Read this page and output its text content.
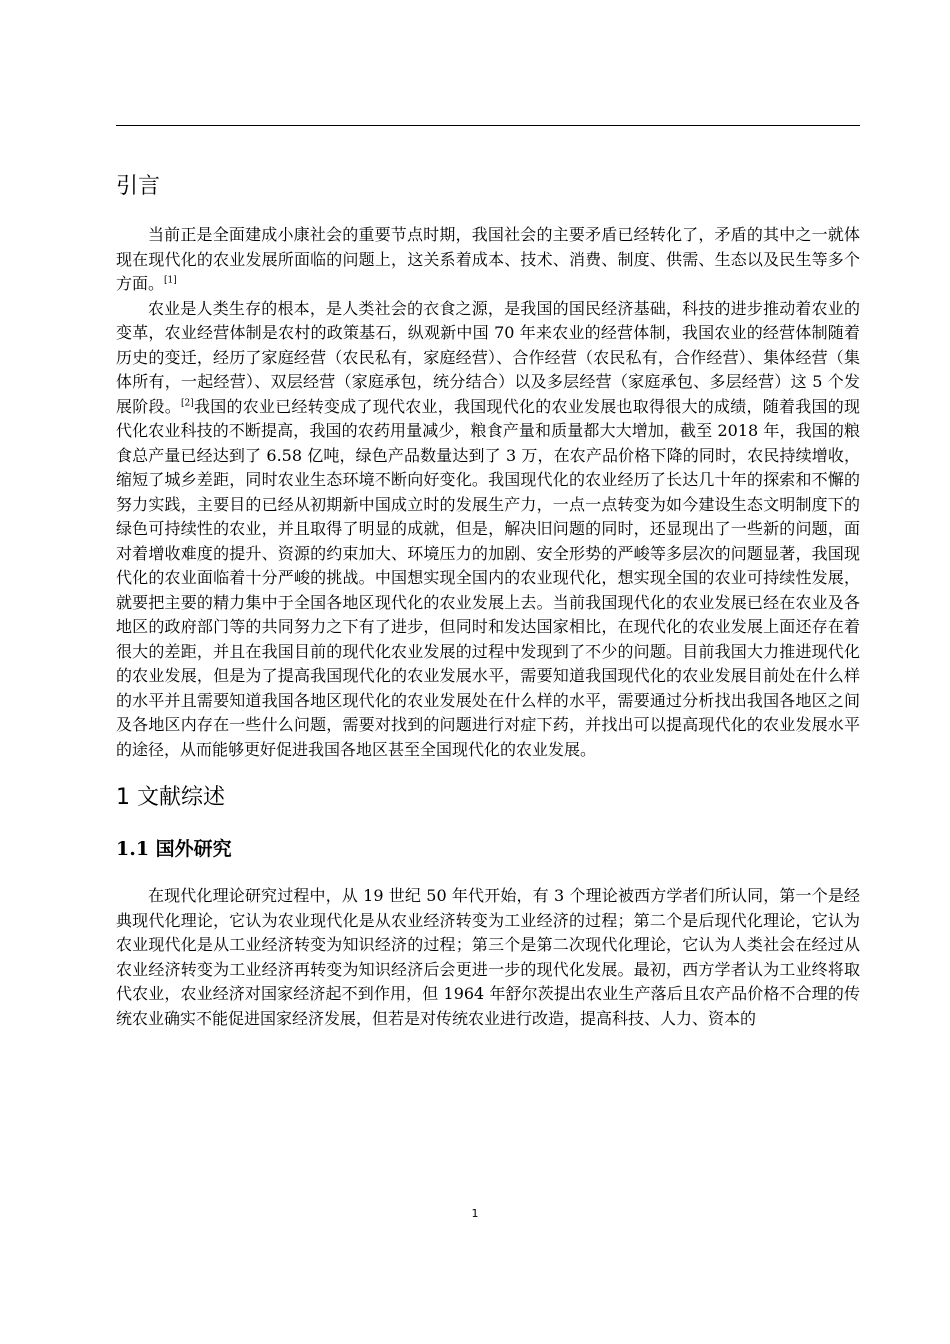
引言

当前正是全面建成小康社会的重要节点时期，我国社会的主要矛盾已经转化了，矛盾的其中之一就体现在现代化的农业发展所面临的问题上，这关系着成本、技术、消费、制度、供需、生态以及民生等多个方面。[1]

农业是人类生存的根本，是人类社会的衣食之源，是我国的国民经济基础，科技的进步推动着农业的变革，农业经营体制是农村的政策基石，纵观新中国 70 年来农业的经营体制，我国农业的经营体制随着历史的变迁，经历了家庭经营（农民私有，家庭经营）、合作经营（农民私有，合作经营）、集体经营（集体所有，一起经营）、双层经营（家庭承包，统分结合）以及多层经营（家庭承包、多层经营）这 5 个发展阶段。[2]我国的农业已经转变成了现代农业，我国现代化的农业发展也取得很大的成绩，随着我国的现代化农业科技的不断提高，我国的农药用量减少，粮食产量和质量都大大增加，截至 2018 年，我国的粮食总产量已经达到了 6.58 亿吨，绿色产品数量达到了 3 万，在农产品价格下降的同时，农民持续增收，缩短了城乡差距，同时农业生态环境不断向好变化。我国现代化的农业经历了长达几十年的探索和不懈的努力实践，主要目的已经从初期新中国成立时的发展生产力，一点一点转变为如今建设生态文明制度下的绿色可持续性的农业，并且取得了明显的成就，但是，解决旧问题的同时，还显现出了一些新的问题，面对着增收难度的提升、资源的约束加大、环境压力的加剧、安全形势的严峻等多层次的问题显著，我国现代化的农业面临着十分严峻的挑战。中国想实现全国内的农业现代化，想实现全国的农业可持续性发展，就要把主要的精力集中于全国各地区现代化的农业发展上去。当前我国现代化的农业发展已经在农业及各地区的政府部门等的共同努力之下有了进步，但同时和发达国家相比，在现代化的农业发展上面还存在着很大的差距，并且在我国目前的现代化农业发展的过程中发现到了不少的问题。目前我国大力推进现代化的农业发展，但是为了提高我国现代化的农业发展水平，需要知道我国现代化的农业发展目前处在什么样的水平并且需要知道我国各地区现代化的农业发展处在什么样的水平，需要通过分析找出我国各地区之间及各地区内存在一些什么问题，需要对找到的问题进行对症下药，并找出可以提高现代化的农业发展水平的途径，从而能够更好促进我国各地区甚至全国现代化的农业发展。

1 文献综述
1.1 国外研究

在现代化理论研究过程中，从 19 世纪 50 年代开始，有 3 个理论被西方学者们所认同，第一个是经典现代化理论，它认为农业现代化是从农业经济转变为工业经济的过程；第二个是后现代化理论，它认为农业现代化是从工业经济转变为知识经济的过程；第三个是第二次现代化理论，它认为人类社会在经过从农业经济转变为工业经济再转变为知识经济后会更进一步的现代化发展。最初，西方学者认为工业终将取代农业，农业经济对国家经济起不到作用，但 1964 年舒尔茨提出农业生产落后且农产品价格不合理的传统农业确实不能促进国家经济发展，但若是对传统农业进行改造，提高科技、人力、资本的

1
